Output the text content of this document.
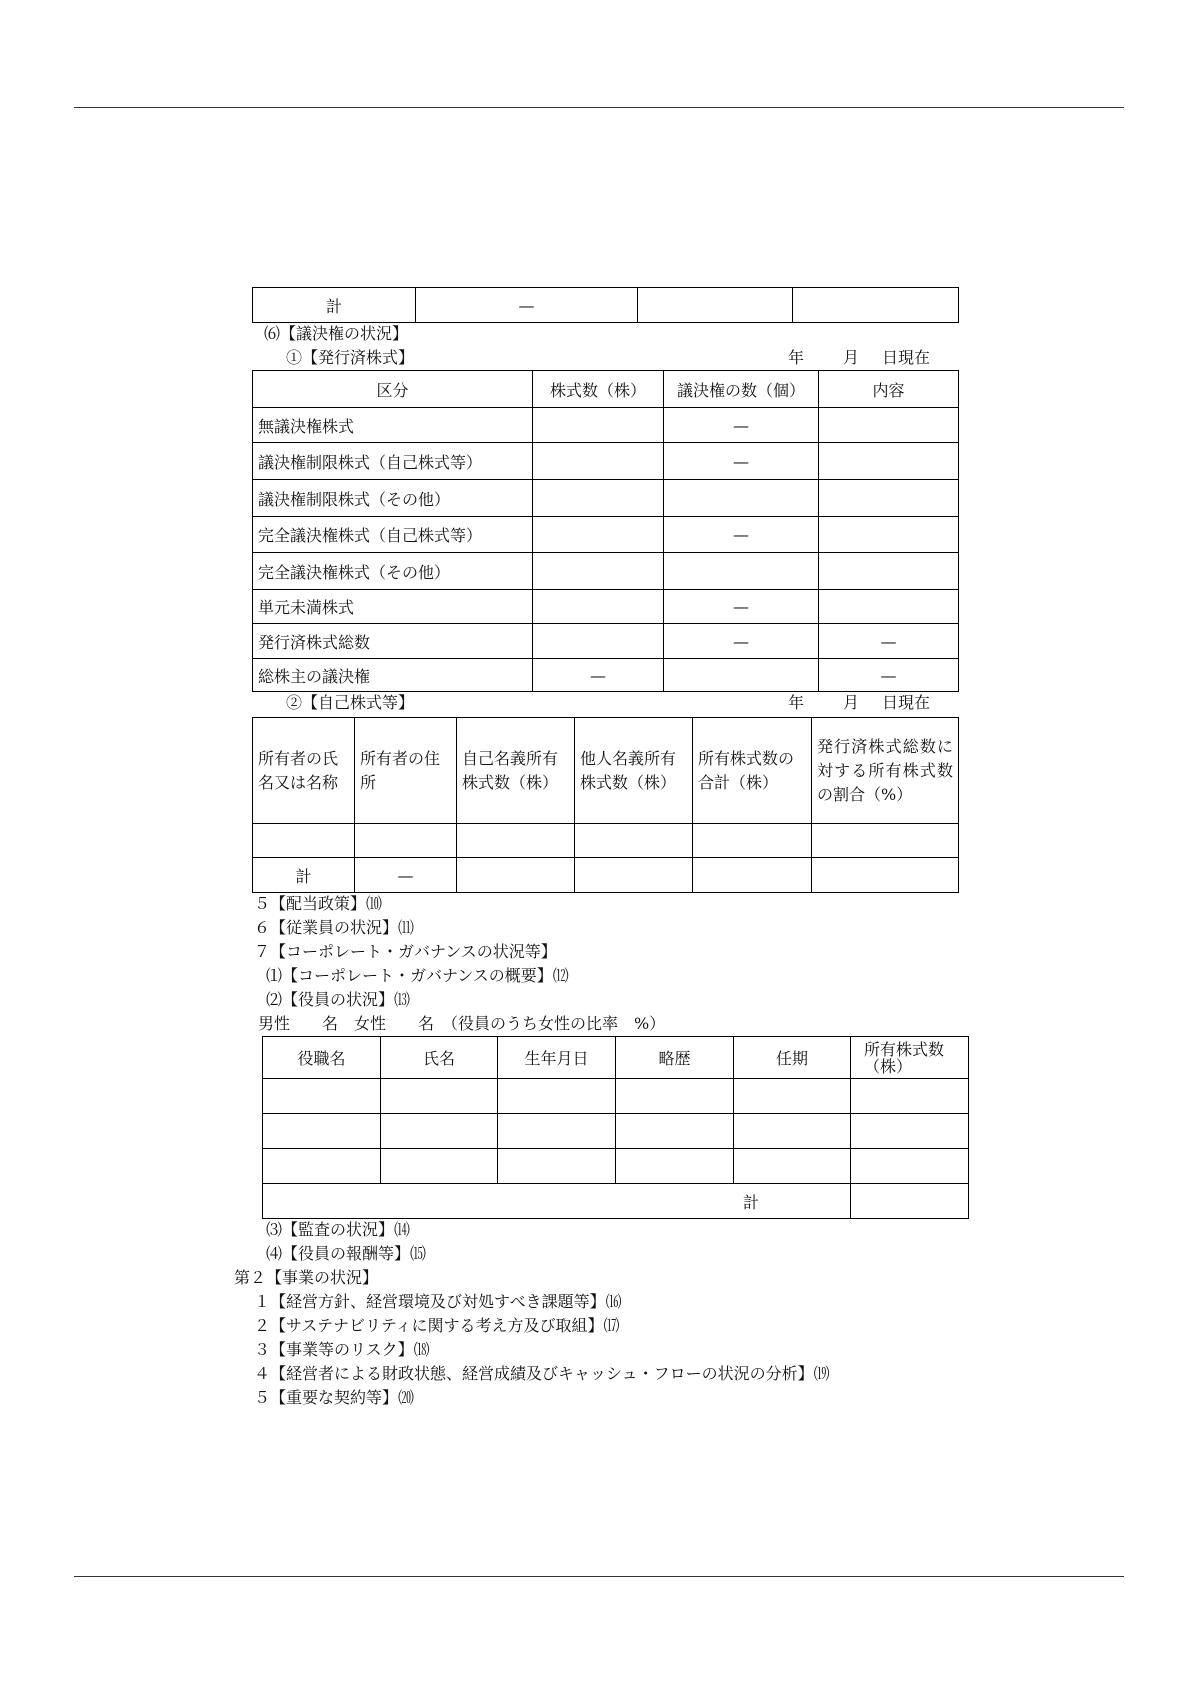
計	—		
⑹【議決権の状況】
①【発行済株式】	年 月 日現在
区分	株式数（株）	議決権の数（個）	内容
無議決権株式		—	
議決権制限株式（自己株式等）		—	
議決権制限株式（その他）			
完全議決権株式（自己株式等）		—	
完全議決権株式（その他）			
単元未満株式		—	
発行済株式総数		—	—
総株主の議決権	—		—
②【自己株式等】	年 月 日現在
所有者の氏名又は名称	所有者の住所	自己名義所有株式数（株）	他人名義所有株式数（株）	所有株式数の合計（株）	発行済株式総数に対する所有株式数の割合（%）

計	—				
５【配当政策】⑽
６【従業員の状況】⑾
７【コーポレート・ガバナンスの状況等】
⑴【コーポレート・ガバナンスの概要】⑿
⑵【役員の状況】⒀
男性　　名　女性　　名　（役員のうち女性の比率　%）
役職名	氏名	生年月日	略歴	任期	所有株式数（株）

計					
⑶【監査の状況】⒁
⑷【役員の報酬等】⒂
第２【事業の状況】
１【経営方針、経営環境及び対処すべき課題等】⒃
２【サステナビリティに関する考え方及び取組】⒄
３【事業等のリスク】⒅
４【経営者による財政状態、経営成績及びキャッシュ・フローの状況の分析】⒆
５【重要な契約等】⒇
